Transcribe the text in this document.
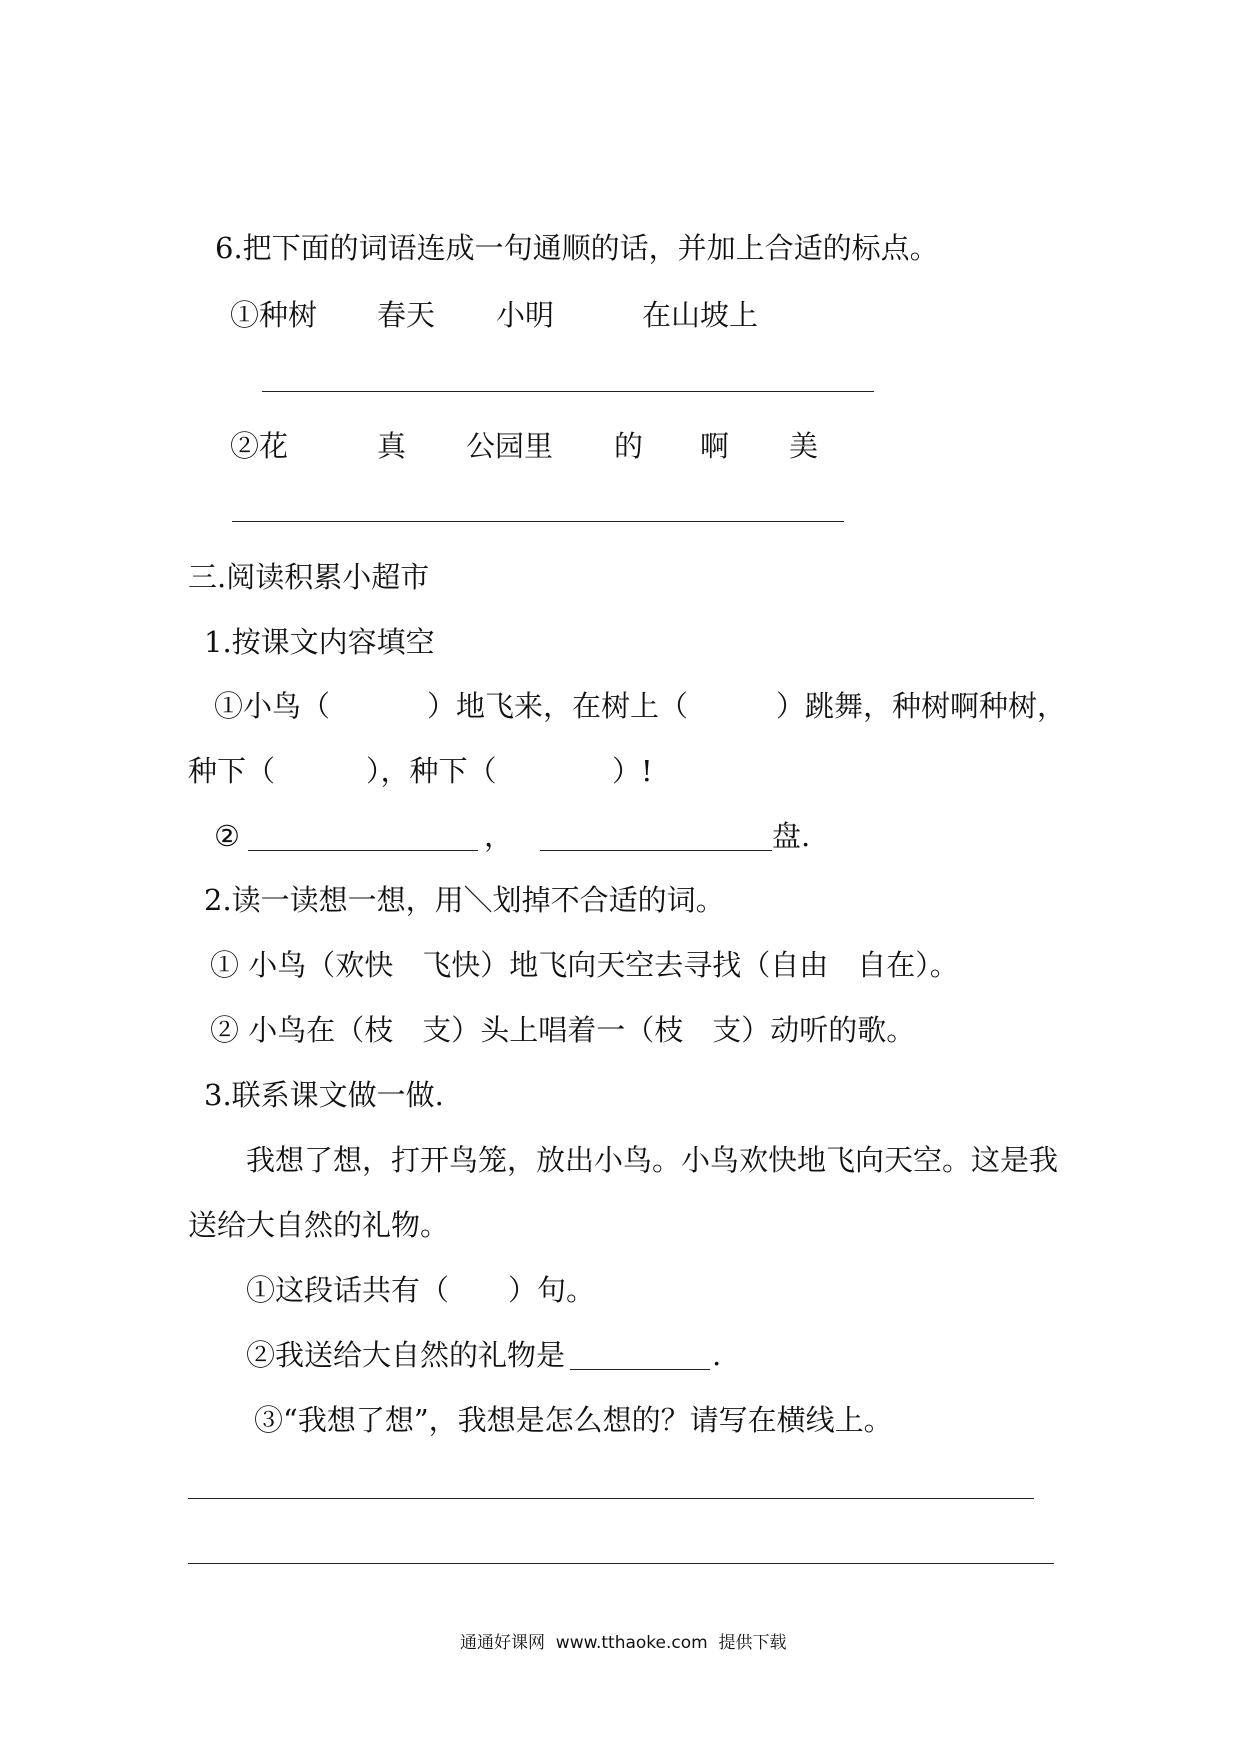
6.把下面的词语连成一句通顺的话，并加上合适的标点。
①种树 春天 小明	在山坡上
②花	真 公园里 的 啊 美
三.阅读积累小超市
1.按课文内容填空
①小鸟（	）地飞来，在树上（	）跳舞，种树啊种树，
种下（	），种下（	）!
②	，	盘.
2.读一读想一想，用＼划掉不合适的词。
① 小鸟（欢快　飞快）地飞向天空去寻找（自由　自在）。
② 小鸟在（枝　支）头上唱着一（枝　支）动听的歌。
3.联系课文做一做.
我想了想，打开鸟笼，放出小鸟。小鸟欢快地飞向天空。这是我
送给大自然的礼物。
①这段话共有（ ）句。
②我送给大自然的礼物是	.
③“我想了想”，我想是怎么想的？请写在横线上。
通通好课网  www.tthaoke.com  提供下载
